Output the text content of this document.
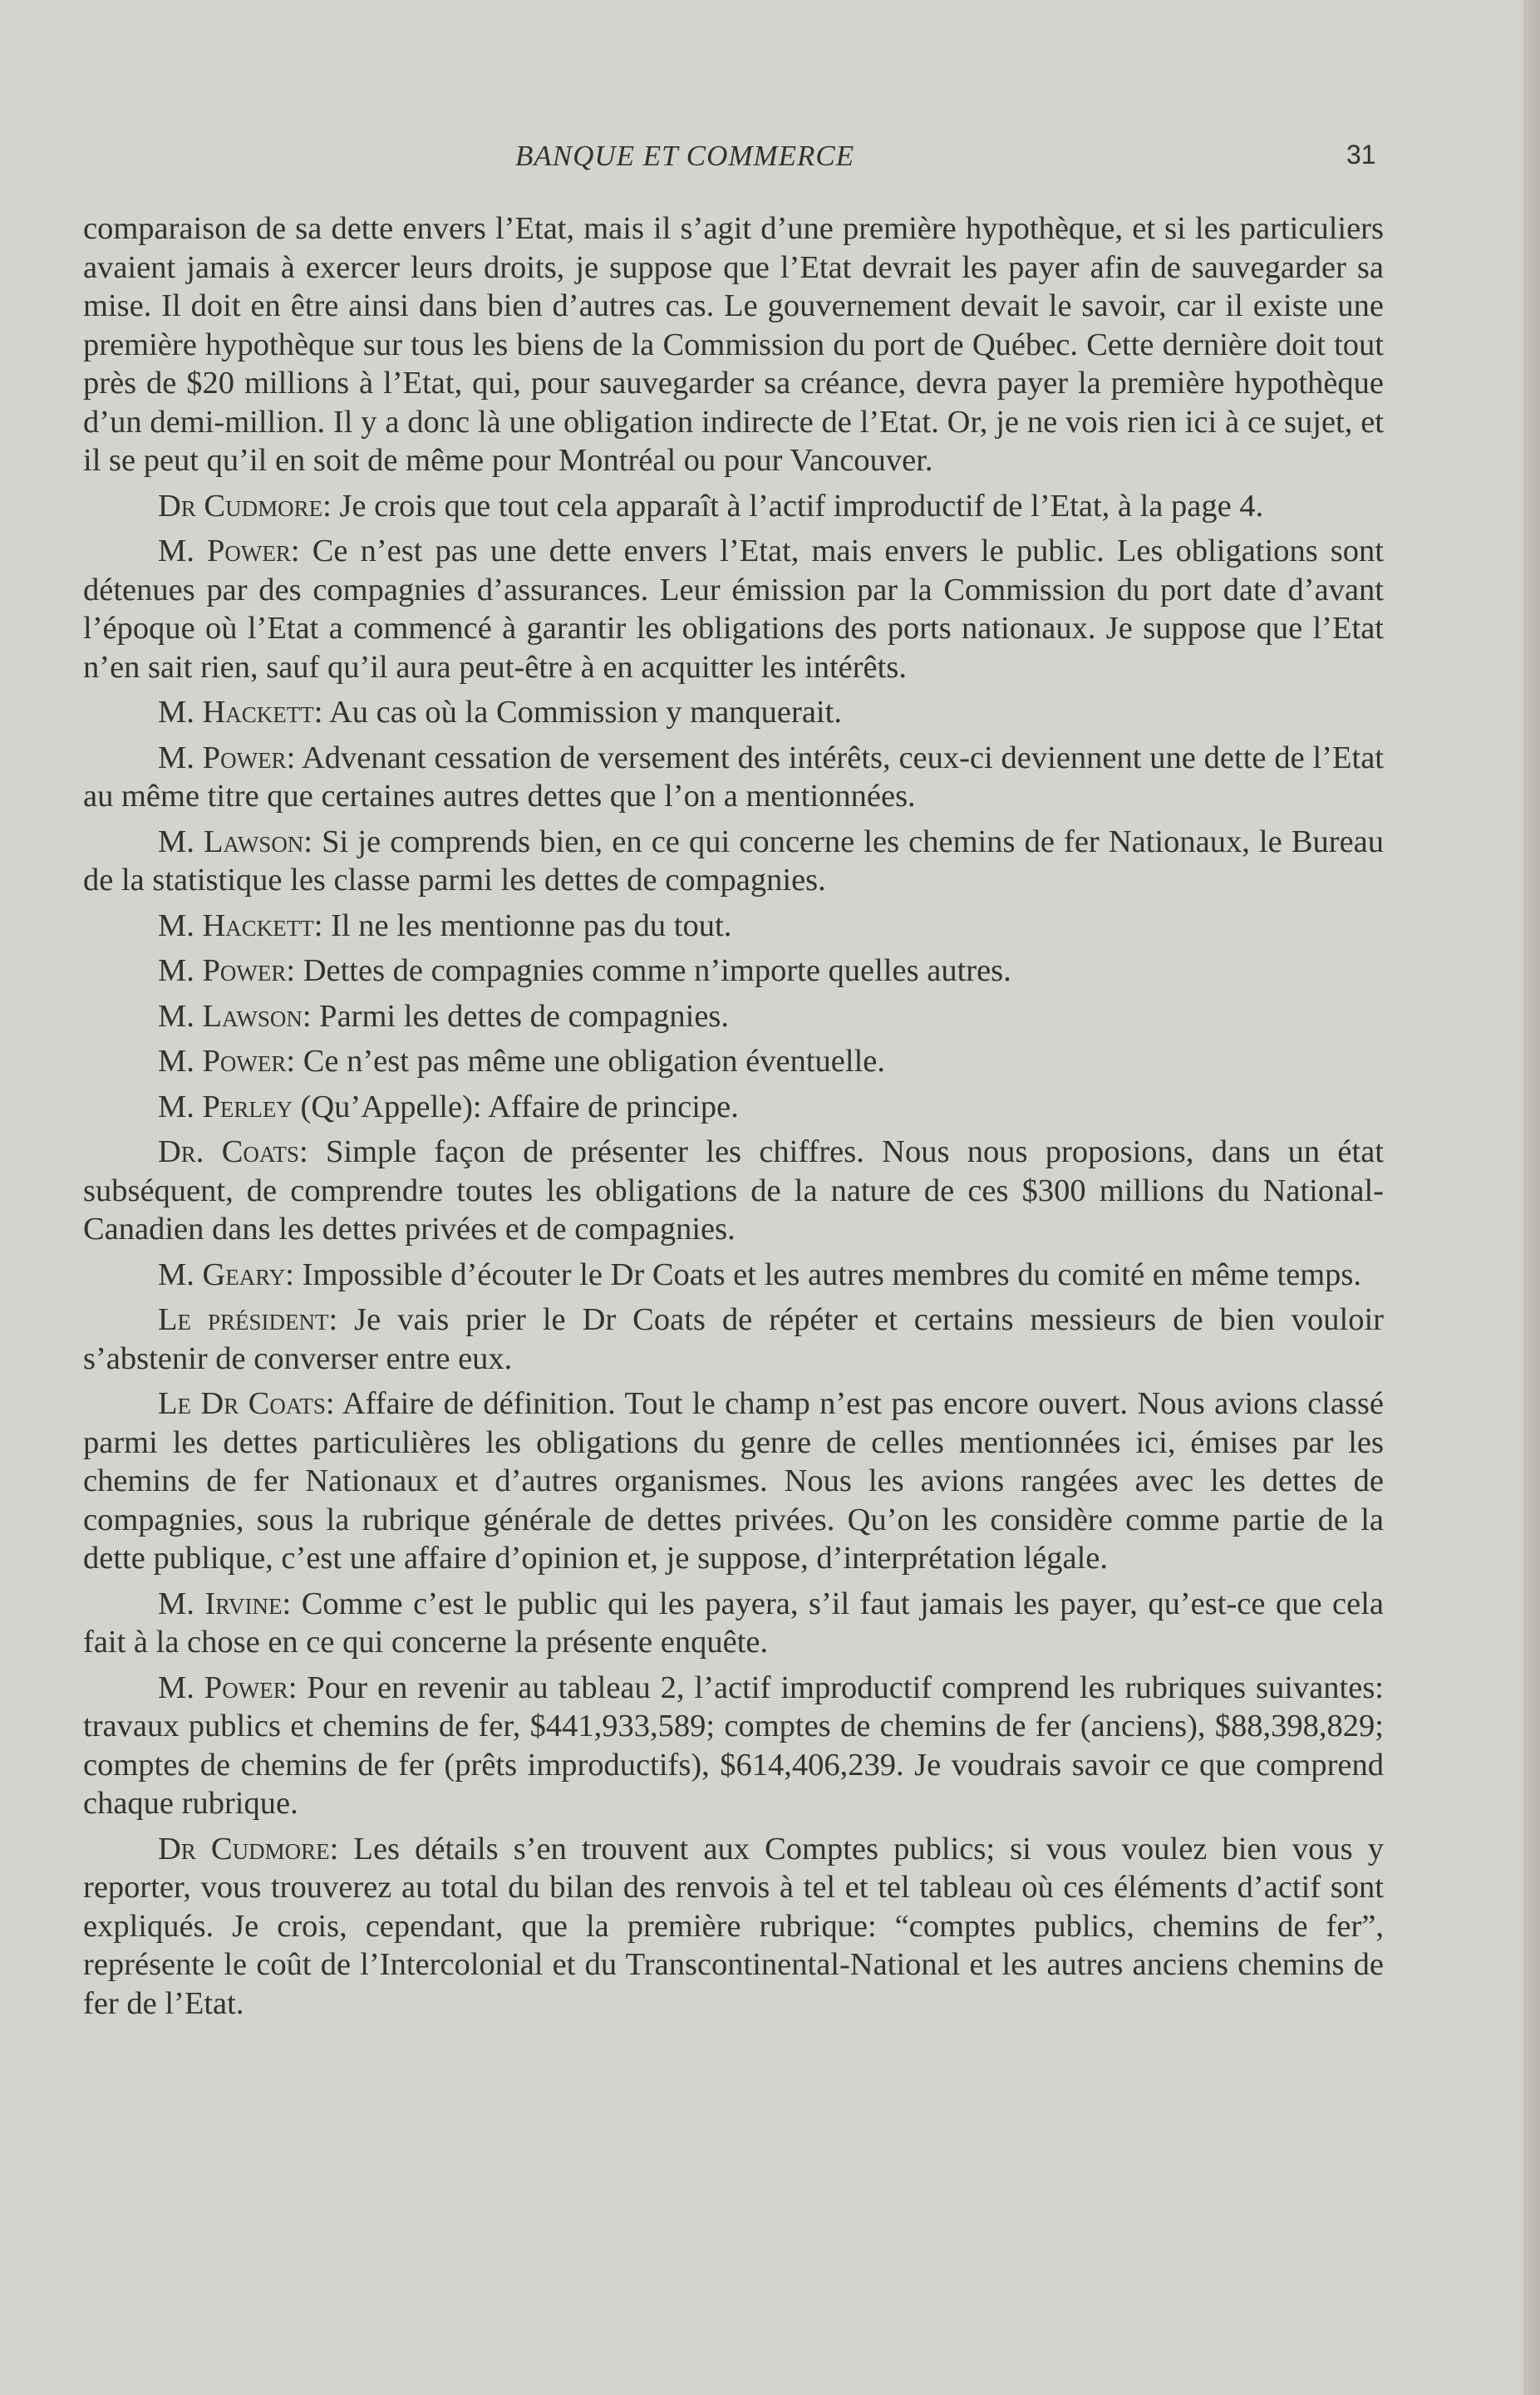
BANQUE ET COMMERCE	31

comparaison de sa dette envers l’Etat, mais il s’agit d’une première hypothèque, et si les particuliers avaient jamais à exercer leurs droits, je suppose que l’Etat devrait les payer afin de sauvegarder sa mise. Il doit en être ainsi dans bien d’autres cas. Le gouvernement devait le savoir, car il existe une première hypothèque sur tous les biens de la Commission du port de Québec. Cette dernière doit tout près de $20 millions à l’Etat, qui, pour sauvegarder sa créance, devra payer la première hypothèque d’un demi-million. Il y a donc là une obligation indirecte de l’Etat. Or, je ne vois rien ici à ce sujet, et il se peut qu’il en soit de même pour Montréal ou pour Vancouver.

Dr Cudmore: Je crois que tout cela apparaît à l’actif improductif de l’Etat, à la page 4.

M. Power: Ce n’est pas une dette envers l’Etat, mais envers le public. Les obligations sont détenues par des compagnies d’assurances. Leur émission par la Commission du port date d’avant l’époque où l’Etat a commencé à garantir les obligations des ports nationaux. Je suppose que l’Etat n’en sait rien, sauf qu’il aura peut-être à en acquitter les intérêts.

M. Hackett: Au cas où la Commission y manquerait.

M. Power: Advenant cessation de versement des intérêts, ceux-ci deviennent une dette de l’Etat au même titre que certaines autres dettes que l’on a mentionnées.

M. Lawson: Si je comprends bien, en ce qui concerne les chemins de fer Nationaux, le Bureau de la statistique les classe parmi les dettes de compagnies.

M. Hackett: Il ne les mentionne pas du tout.

M. Power: Dettes de compagnies comme n’importe quelles autres.

M. Lawson: Parmi les dettes de compagnies.

M. Power: Ce n’est pas même une obligation éventuelle.

M. Perley (Qu’Appelle): Affaire de principe.

Dr. Coats: Simple façon de présenter les chiffres. Nous nous proposions, dans un état subséquent, de comprendre toutes les obligations de la nature de ces $300 millions du National-Canadien dans les dettes privées et de compagnies.

M. Geary: Impossible d’écouter le Dr Coats et les autres membres du comité en même temps.

Le président: Je vais prier le Dr Coats de répéter et certains messieurs de bien vouloir s’abstenir de converser entre eux.

Le Dr Coats: Affaire de définition. Tout le champ n’est pas encore ouvert. Nous avions classé parmi les dettes particulières les obligations du genre de celles mentionnées ici, émises par les chemins de fer Nationaux et d’autres organismes. Nous les avions rangées avec les dettes de compagnies, sous la rubrique générale de dettes privées. Qu’on les considère comme partie de la dette publique, c’est une affaire d’opinion et, je suppose, d’interprétation légale.

M. Irvine: Comme c’est le public qui les payera, s’il faut jamais les payer, qu’est-ce que cela fait à la chose en ce qui concerne la présente enquête.

M. Power: Pour en revenir au tableau 2, l’actif improductif comprend les rubriques suivantes: travaux publics et chemins de fer, $441,933,589; comptes de chemins de fer (anciens), $88,398,829; comptes de chemins de fer (prêts improductifs), $614,406,239. Je voudrais savoir ce que comprend chaque rubrique.

Dr Cudmore: Les détails s’en trouvent aux Comptes publics; si vous voulez bien vous y reporter, vous trouverez au total du bilan des renvois à tel et tel tableau où ces éléments d’actif sont expliqués. Je crois, cependant, que la première rubrique: “comptes publics, chemins de fer”, représente le coût de l’Intercolonial et du Transcontinental-National et les autres anciens chemins de fer de l’Etat.
